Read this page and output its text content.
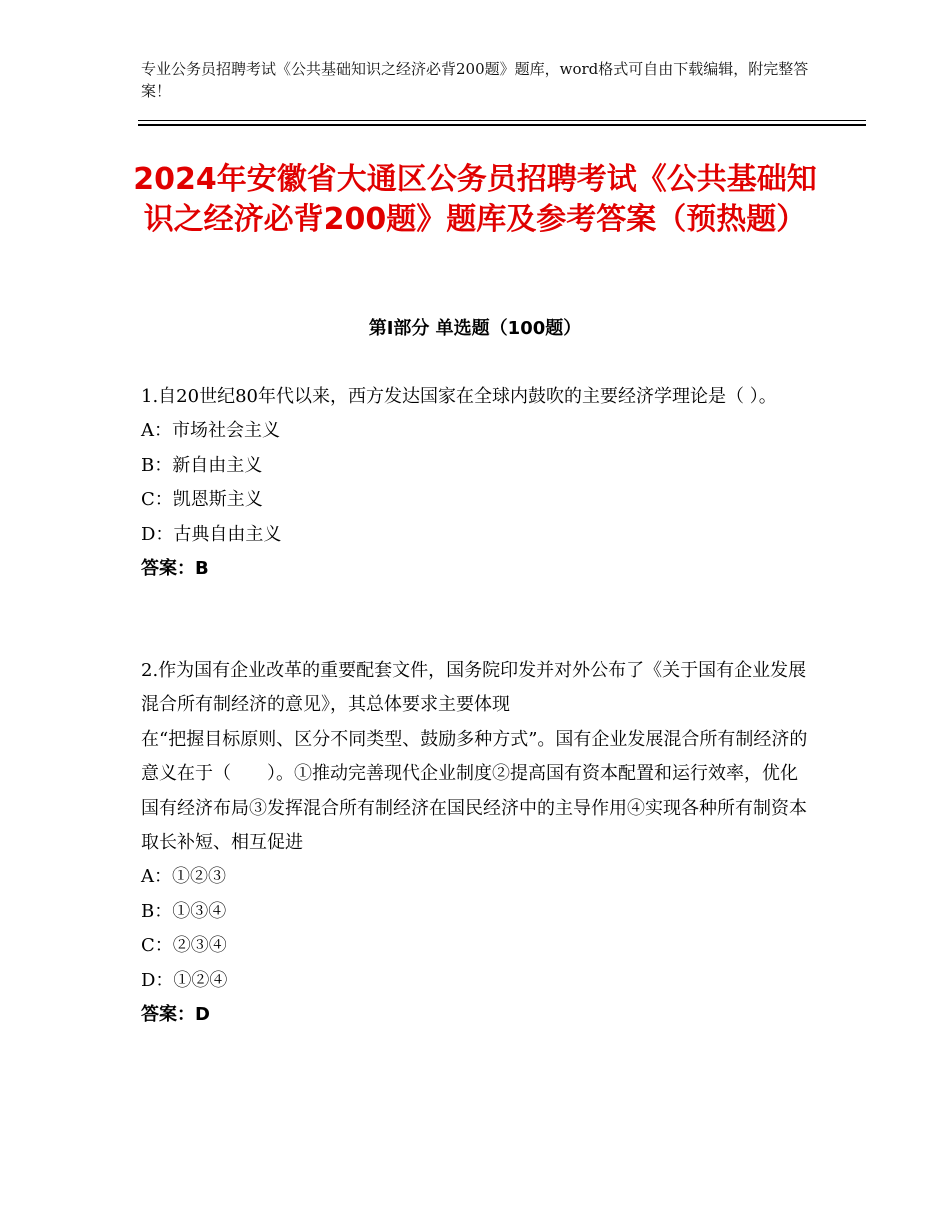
专业公务员招聘考试《公共基础知识之经济必背200题》题库，word格式可自由下载编辑，附完整答案！
2024年安徽省大通区公务员招聘考试《公共基础知识之经济必背200题》题库及参考答案（预热题）
第Ⅰ部分 单选题（100题）

1.自20世纪80年代以来，西方发达国家在全球内鼓吹的主要经济学理论是（ ）。

A：市场社会主义

B：新自由主义

C：凯恩斯主义

D：古典自由主义

答案：B

2.作为国有企业改革的重要配套文件，国务院印发并对外公布了《关于国有企业发展混合所有制经济的意见》，其总体要求主要体现
在“把握目标原则、区分不同类型、鼓励多种方式”。国有企业发展混合所有制经济的意义在于（　　）。①推动完善现代企业制度②提高国有资本配置和运行效率，优化国有经济布局③发挥混合所有制经济在国民经济中的主导作用④实现各种所有制资本取长补短、相互促进

A：①②③

B：①③④

C：②③④

D：①②④

答案：D
